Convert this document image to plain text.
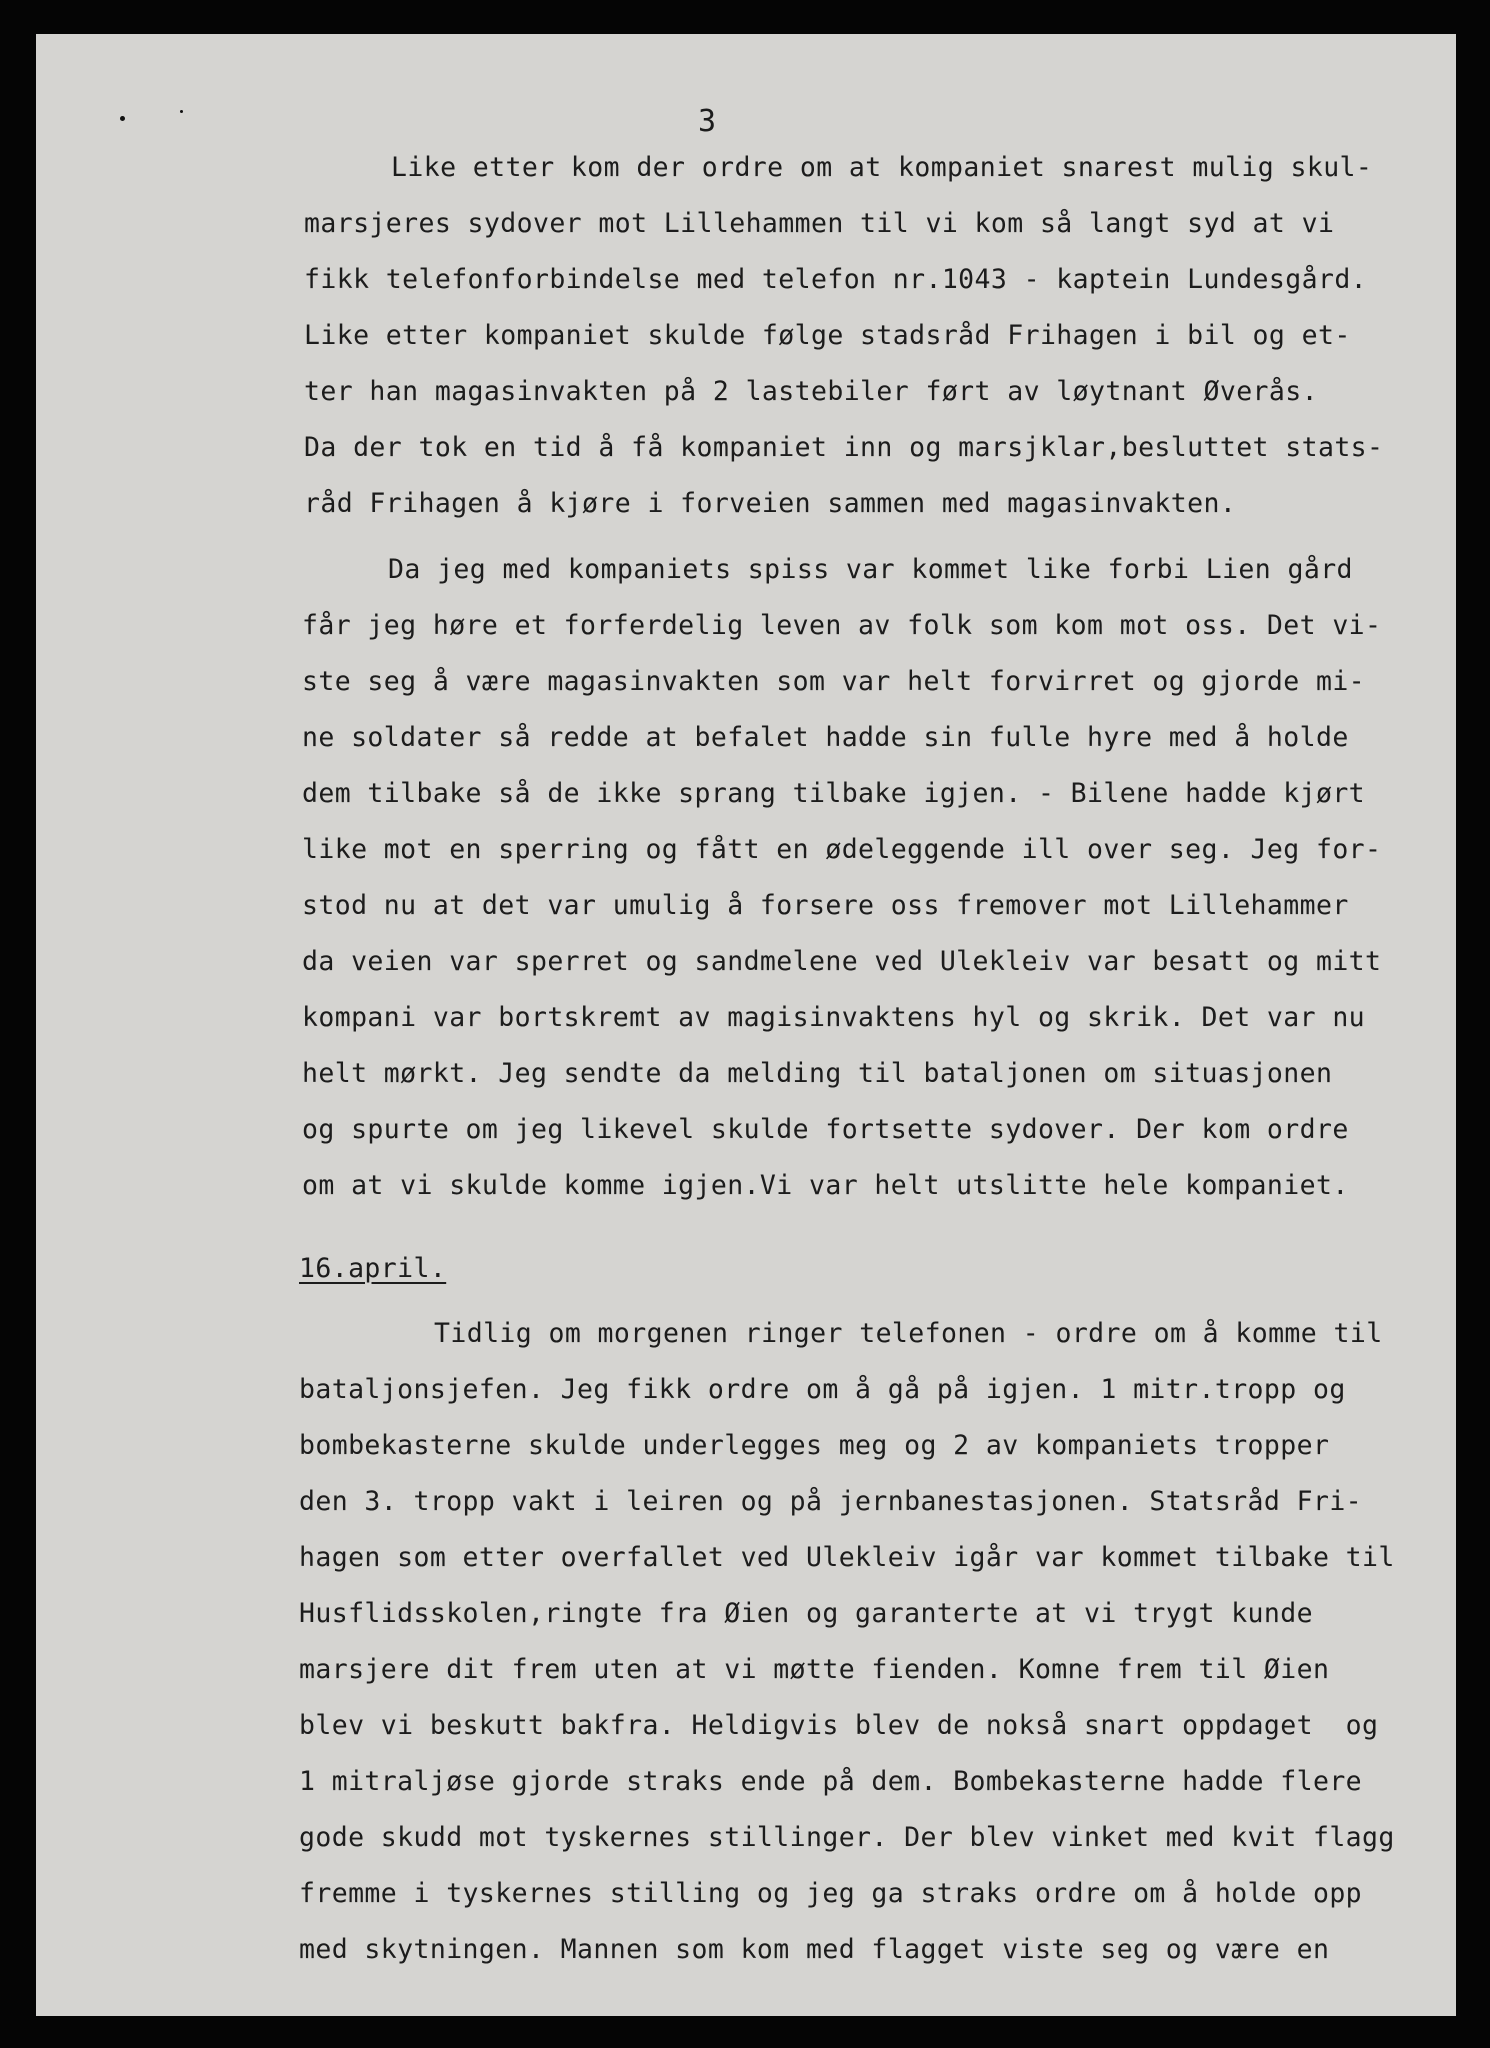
3
Like etter kom der ordre om at kompaniet snarest mulig skul-
marsjeres sydover mot Lillehammen til vi kom så langt syd at vi
fikk telefonforbindelse med telefon nr.1043 - kaptein Lundesgård.
Like etter kompaniet skulde følge stadsråd Frihagen i bil og et-
ter han magasinvakten på 2 lastebiler ført av løytnant Øverås.
Da der tok en tid å få kompaniet inn og marsjklar,besluttet stats-
råd Frihagen å kjøre i forveien sammen med magasinvakten.
Da jeg med kompaniets spiss var kommet like forbi Lien gård
får jeg høre et forferdelig leven av folk som kom mot oss. Det vi-
ste seg å være magasinvakten som var helt forvirret og gjorde mi-
ne soldater så redde at befalet hadde sin fulle hyre med å holde
dem tilbake så de ikke sprang tilbake igjen. - Bilene hadde kjørt
like mot en sperring og fått en ødeleggende ill over seg. Jeg for-
stod nu at det var umulig å forsere oss fremover mot Lillehammer
da veien var sperret og sandmelene ved Ulekleiv var besatt og mitt
kompani var bortskremt av magisinvaktens hyl og skrik. Det var nu
helt mørkt. Jeg sendte da melding til bataljonen om situasjonen
og spurte om jeg likevel skulde fortsette sydover. Der kom ordre
om at vi skulde komme igjen.Vi var helt utslitte hele kompaniet.
16.april.
Tidlig om morgenen ringer telefonen - ordre om å komme til
bataljonsjefen. Jeg fikk ordre om å gå på igjen. 1 mitr.tropp og
bombekasterne skulde underlegges meg og 2 av kompaniets tropper
den 3. tropp vakt i leiren og på jernbanestasjonen. Statsråd Fri-
hagen som etter overfallet ved Ulekleiv igår var kommet tilbake til
Husflidsskolen,ringte fra Øien og garanterte at vi trygt kunde
marsjere dit frem uten at vi møtte fienden. Komne frem til Øien
blev vi beskutt bakfra. Heldigvis blev de nokså snart oppdaget  og
1 mitraljøse gjorde straks ende på dem. Bombekasterne hadde flere
gode skudd mot tyskernes stillinger. Der blev vinket med kvit flagg
fremme i tyskernes stilling og jeg ga straks ordre om å holde opp
med skytningen. Mannen som kom med flagget viste seg og være en
